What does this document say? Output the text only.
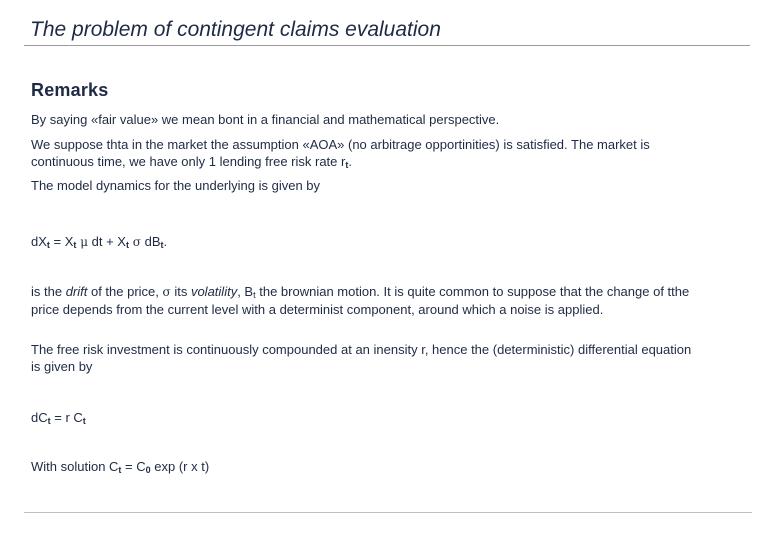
The problem of contingent claims evaluation
Remarks
By saying «fair value» we mean bont in a financial and mathematical perspective.
We suppose thta in the market the assumption «AOA» (no arbitrage opportinities) is satisfied. The market is continuous time, we have only 1 lending free risk rate $r_t$.
The model dynamics for the underlying is given by
$dX_t = X_t$ μ dt + $X_t$ σ $dB_t$.
is the drift of the price, σ its volatility, $B_t$ the brownian motion. It is quite common to suppose that the change of tthe price depends from the current level with a determinist component, around which a noise is applied.
The free risk investment is continuously compounded at an inensity r, hence the (deterministic) differential equation is given by
$dC_t = r$ $C_t$
With solution $C_t = C_0$ exp (r x t)
